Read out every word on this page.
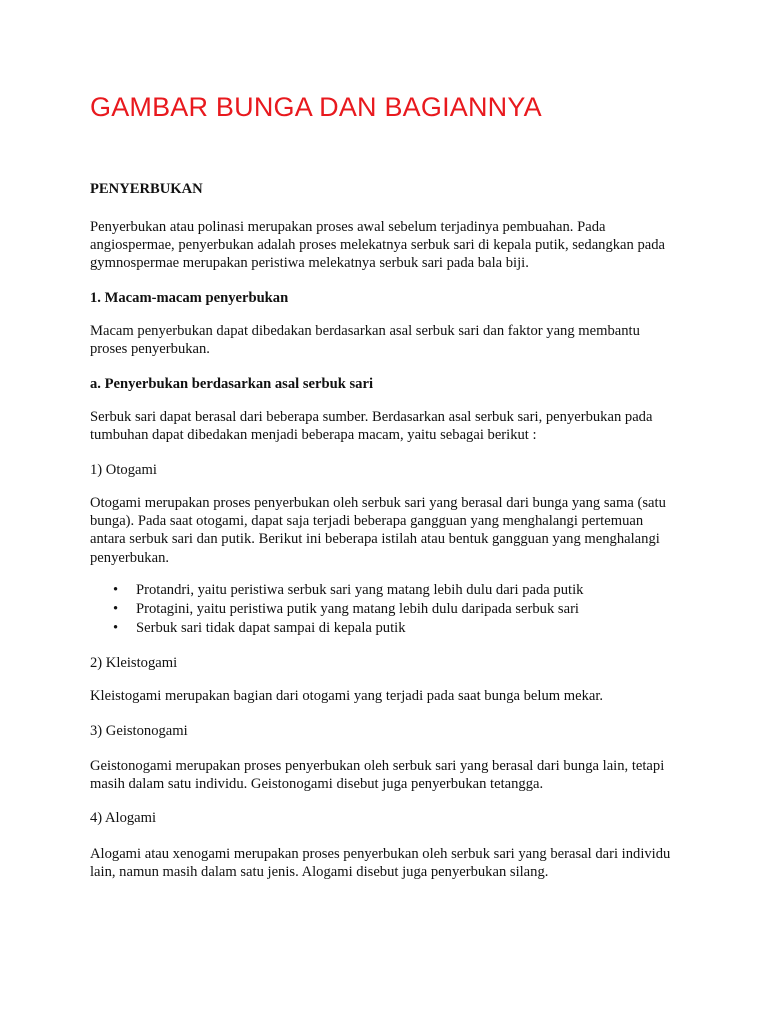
GAMBAR BUNGA DAN BAGIANNYA

PENYERBUKAN

Penyerbukan atau polinasi merupakan proses awal sebelum terjadinya pembuahan. Pada angiospermae, penyerbukan adalah proses melekatnya serbuk sari di kepala putik, sedangkan pada gymnospermae merupakan peristiwa melekatnya serbuk sari pada bala biji.

1. Macam-macam penyerbukan

Macam penyerbukan dapat dibedakan berdasarkan asal serbuk sari dan faktor yang membantu proses penyerbukan.

a. Penyerbukan berdasarkan asal serbuk sari

Serbuk sari dapat berasal dari beberapa sumber. Berdasarkan asal serbuk sari, penyerbukan pada tumbuhan dapat dibedakan menjadi beberapa macam, yaitu sebagai berikut :

1) Otogami

Otogami merupakan proses penyerbukan oleh serbuk sari yang berasal dari bunga yang sama (satu bunga). Pada saat otogami, dapat saja terjadi beberapa gangguan yang menghalangi pertemuan antara serbuk sari dan putik. Berikut ini beberapa istilah atau bentuk gangguan yang menghalangi penyerbukan.

• Protandri, yaitu peristiwa serbuk sari yang matang lebih dulu dari pada putik
• Protagini, yaitu peristiwa putik yang matang lebih dulu daripada serbuk sari
• Serbuk sari tidak dapat sampai di kepala putik

2) Kleistogami

Kleistogami merupakan bagian dari otogami yang terjadi pada saat bunga belum mekar.

3) Geistonogami

Geistonogami merupakan proses penyerbukan oleh serbuk sari yang berasal dari bunga lain, tetapi masih dalam satu individu. Geistonogami disebut juga penyerbukan tetangga.

4) Alogami

Alogami atau xenogami merupakan proses penyerbukan oleh serbuk sari yang berasal dari individu lain, namun masih dalam satu jenis. Alogami disebut juga penyerbukan silang.
